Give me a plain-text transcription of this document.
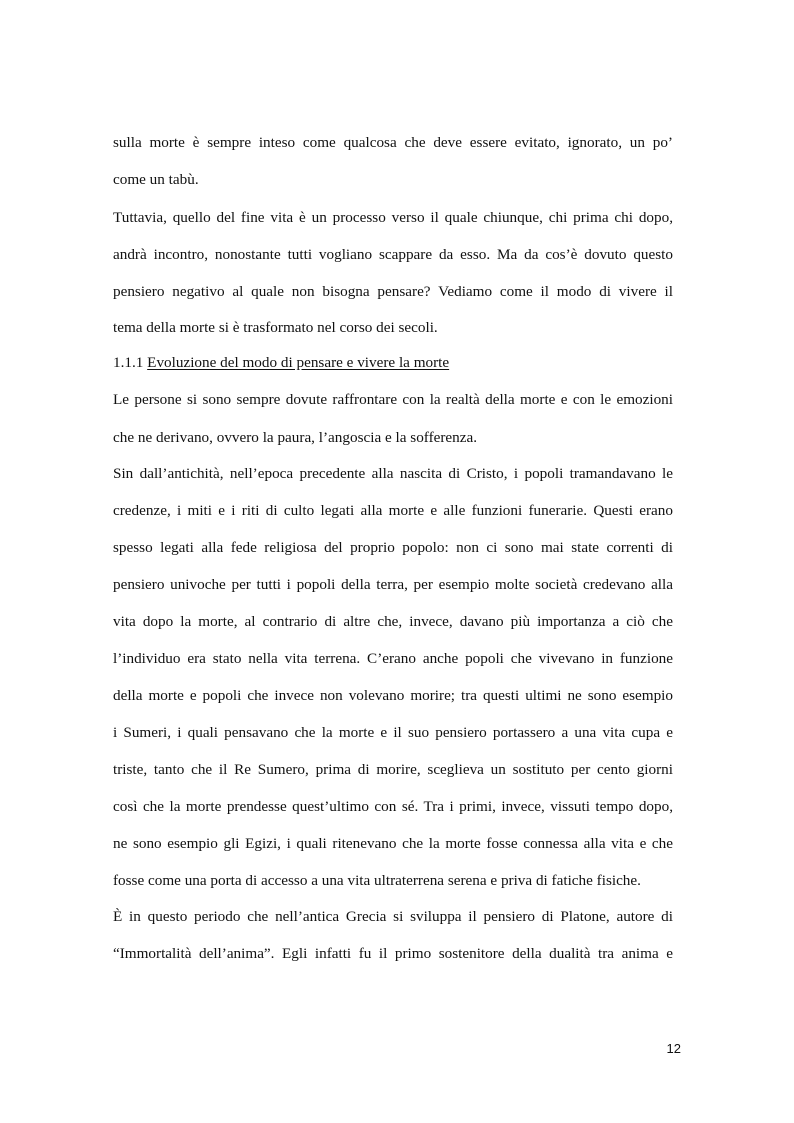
sulla morte è sempre inteso come qualcosa che deve essere evitato, ignorato, un po’
come un tabù.
Tuttavia, quello del fine vita è un processo verso il quale chiunque, chi prima chi dopo,
andrà incontro, nonostante tutti vogliano scappare da esso. Ma da cos’è dovuto questo
pensiero negativo al quale non bisogna pensare? Vediamo come il modo di vivere il
tema della morte si è trasformato nel corso dei secoli.
1.1.1 Evoluzione del modo di pensare e vivere la morte
Le persone si sono sempre dovute raffrontare con la realtà della morte e con le emozioni
che ne derivano, ovvero la paura, l’angoscia e la sofferenza.
Sin dall’antichità, nell’epoca precedente alla nascita di Cristo, i popoli tramandavano le
credenze, i miti e i riti di culto legati alla morte e alle funzioni funerarie. Questi erano
spesso legati alla fede religiosa del proprio popolo: non ci sono mai state correnti di
pensiero univoche per tutti i popoli della terra, per esempio molte società credevano alla
vita dopo la morte, al contrario di altre che, invece, davano più importanza a ciò che
l’individuo era stato nella vita terrena. C’erano anche popoli che vivevano in funzione
della morte e popoli che invece non volevano morire; tra questi ultimi ne sono esempio
i Sumeri, i quali pensavano che la morte e il suo pensiero portassero a una vita cupa e
triste, tanto che il Re Sumero, prima di morire, sceglieva un sostituto per cento giorni
così che la morte prendesse quest’ultimo con sé. Tra i primi, invece, vissuti tempo dopo,
ne sono esempio gli Egizi, i quali ritenevano che la morte fosse connessa alla vita e che
fosse come una porta di accesso a una vita ultraterrena serena e priva di fatiche fisiche.
È in questo periodo che nell’antica Grecia si sviluppa il pensiero di Platone, autore di
“Immortalità dell’anima”. Egli infatti fu il primo sostenitore della dualità tra anima e
12
